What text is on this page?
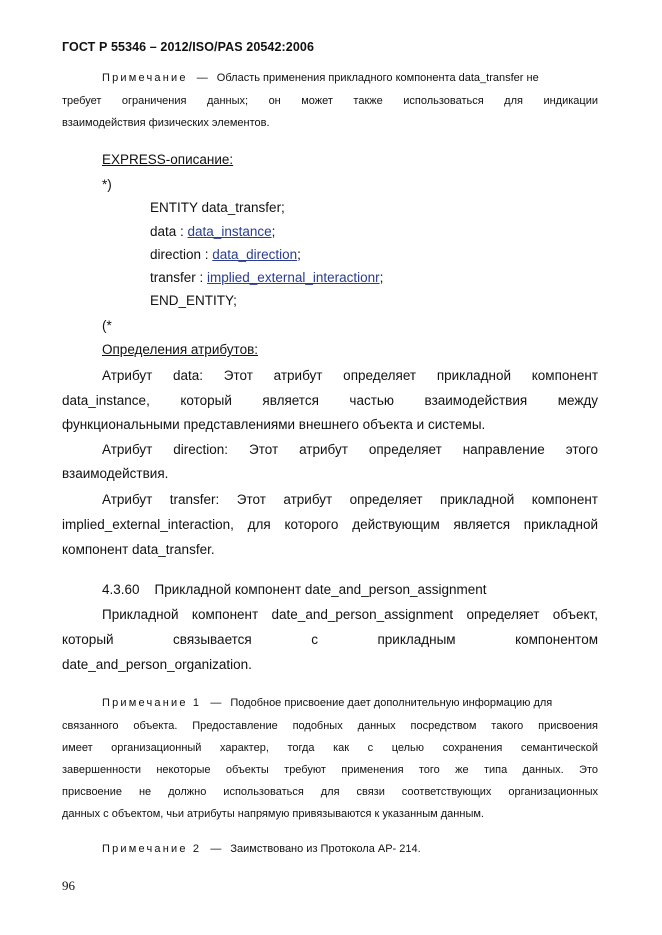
ГОСТ Р 55346 – 2012/ISO/PAS 20542:2006
Примечание — Область применения прикладного компонента data_transfer не
требует ограничения данных; он может также использоваться для индикации
взаимодействия физических элементов.
EXPRESS-описание:
*)
ENTITY data_transfer;
data : data_instance;
direction : data_direction;
transfer : implied_external_interactionr;
END_ENTITY;
(*
Определения атрибутов:
Атрибут data: Этот атрибут определяет прикладной компонент
data_instance, который является частью взаимодействия между
функциональными представлениями внешнего объекта и системы.
Атрибут direction: Этот атрибут определяет направление этого
взаимодействия.
Атрибут transfer: Этот атрибут определяет прикладной компонент
implied_external_interaction, для которого действующим является прикладной
компонент data_transfer.
4.3.60    Прикладной компонент date_and_person_assignment
Прикладной компонент date_and_person_assignment определяет объект,
который связывается с прикладным компонентом
date_and_person_organization.
Примечание 1 — Подобное присвоение дает дополнительную информацию для
связанного объекта. Предоставление подобных данных посредством такого присвоения
имеет организационный характер, тогда как с целью сохранения семантической
завершенности некоторые объекты требуют применения того же типа данных. Это
присвоение не должно использоваться для связи соответствующих организационных
данных с объектом, чьи атрибуты напрямую привязываются к указанным данным.
Примечание 2 — Заимствовано из Протокола АР- 214.
96
